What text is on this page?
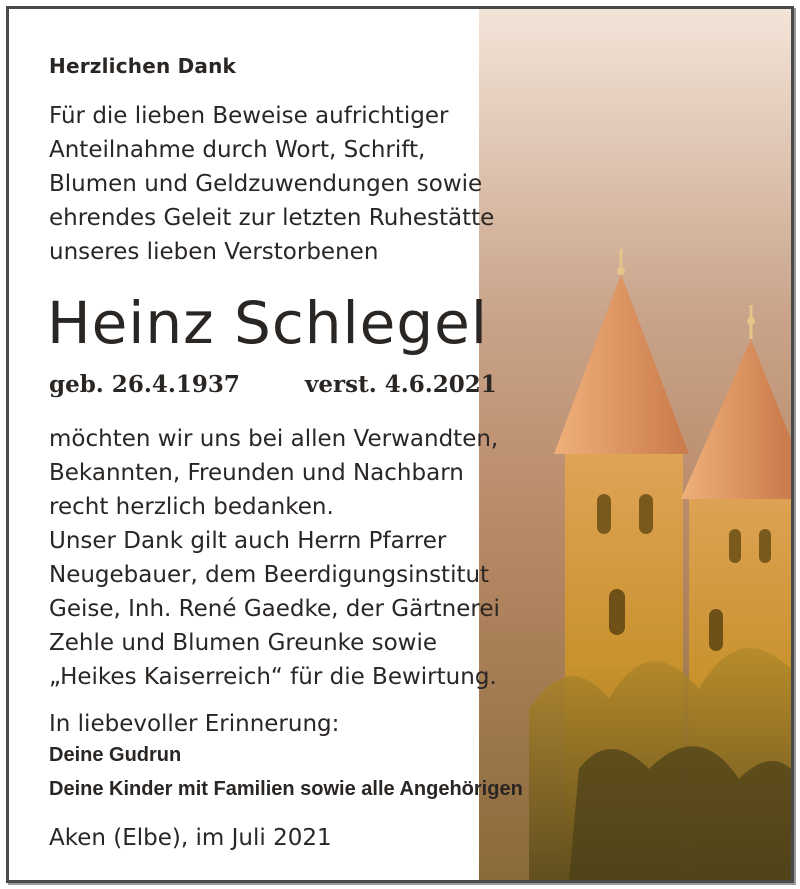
Herzlichen Dank
Für die lieben Beweise aufrichtiger
Anteilnahme durch Wort, Schrift,
Blumen und Geldzuwendungen sowie
ehrendes Geleit zur letzten Ruhestätte
unseres lieben Verstorbenen
Heinz Schlegel
geb. 26.4.1937	verst. 4.6.2021
möchten wir uns bei allen Verwandten,
Bekannten, Freunden und Nachbarn
recht herzlich bedanken.
Unser Dank gilt auch Herrn Pfarrer
Neugebauer, dem Beerdigungsinstitut
Geise, Inh. René Gaedke, der Gärtnerei
Zehle und Blumen Greunke sowie
„Heikes Kaiserreich“ für die Bewirtung.
In liebevoller Erinnerung:
Deine Gudrun
Deine Kinder mit Familien sowie alle Angehörigen
Aken (Elbe), im Juli 2021
